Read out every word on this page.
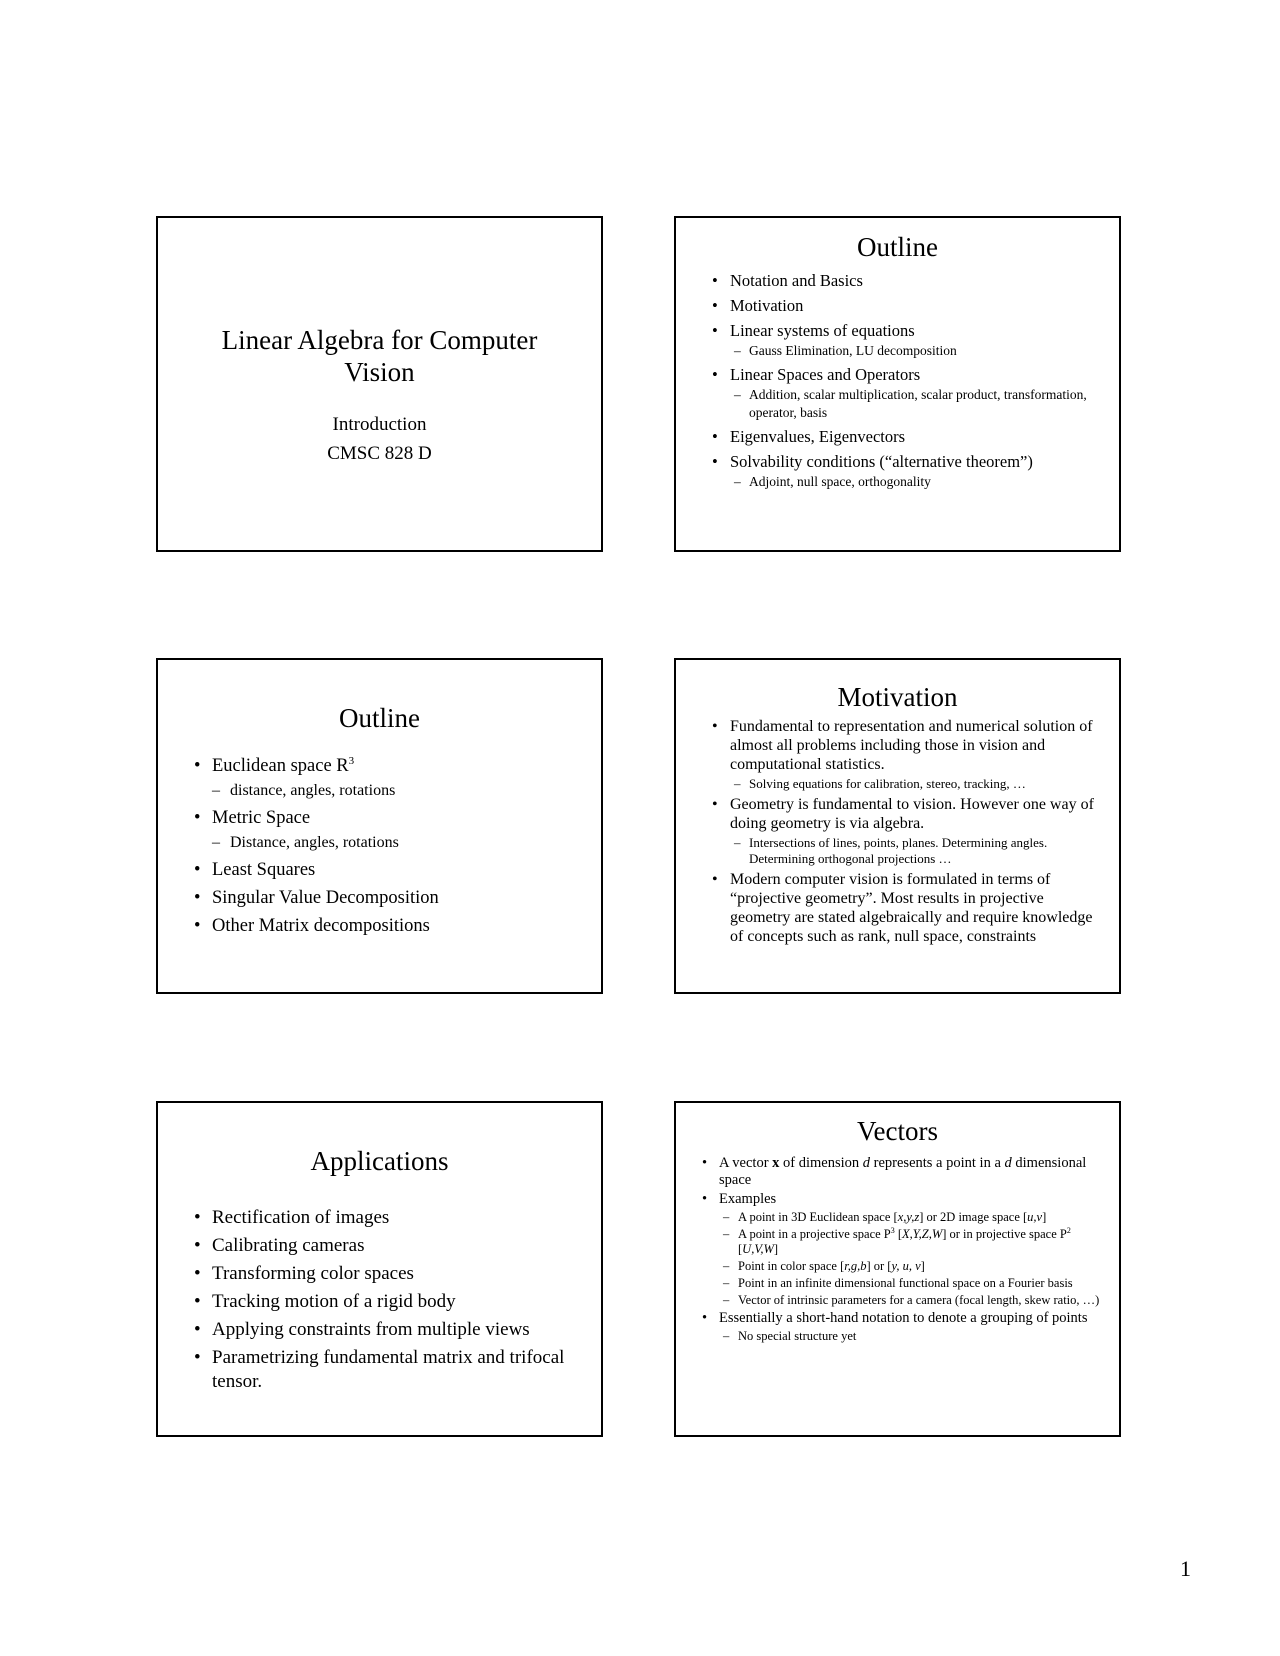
Linear Algebra for Computer
Vision
Introduction
CMSC 828 D
Outline
• Notation and Basics
• Motivation
• Linear systems of equations
– Gauss Elimination, LU decomposition
• Linear Spaces and Operators
– Addition, scalar multiplication, scalar product, transformation, operator, basis
• Eigenvalues, Eigenvectors
• Solvability conditions (“alternative theorem”)
– Adjoint, null space, orthogonality
Outline
• Euclidean space $R^3$
– distance, angles, rotations
• Metric Space
– Distance, angles, rotations
• Least Squares
• Singular Value Decomposition
• Other Matrix decompositions
Motivation
• Fundamental to representation and numerical solution of almost all problems including those in vision and computational statistics.
– Solving equations for calibration, stereo, tracking, …
• Geometry is fundamental to vision. However one way of doing geometry is via algebra.
– Intersections of lines, points, planes. Determining angles. Determining orthogonal projections …
• Modern computer vision is formulated in terms of “projective geometry”. Most results in projective geometry are stated algebraically and require knowledge of concepts such as rank, null space, constraints
Applications
• Rectification of images
• Calibrating cameras
• Transforming color spaces
• Tracking motion of a rigid body
• Applying constraints from multiple views
• Parametrizing fundamental matrix and trifocal tensor.
Vectors
• A vector x of dimension d represents a point in a d dimensional space
• Examples
– A point in 3D Euclidean space [x,y,z] or 2D image space [u,v]
– A point in a projective space $P^3$ [X,Y,Z,W] or in projective space $P^2$ [U,V,W]
– Point in color space [r,g,b] or [y, u, v]
– Point in an infinite dimensional functional space on a Fourier basis
– Vector of intrinsic parameters for a camera (focal length, skew ratio, …)
• Essentially a short-hand notation to denote a grouping of points
– No special structure yet
1
